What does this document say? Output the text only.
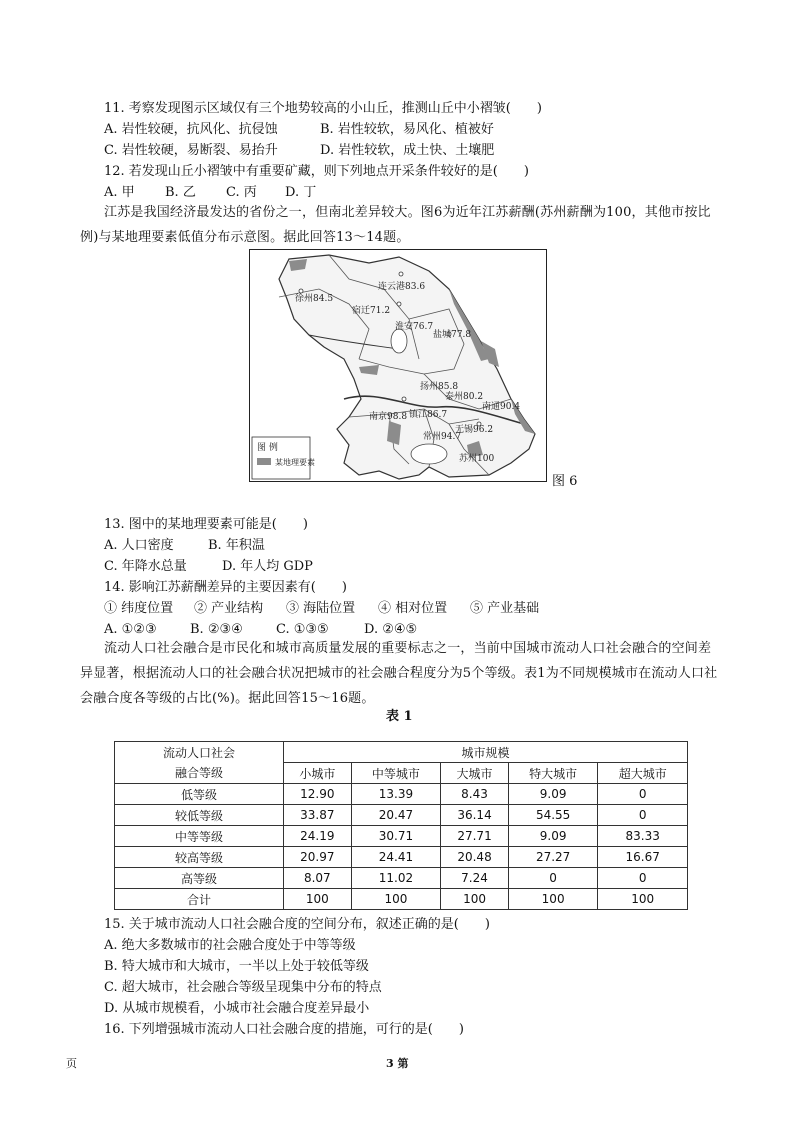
11. 考察发现图示区域仅有三个地势较高的小山丘，推测山丘中小褶皱(　　)
A. 岩性较硬，抗风化、抗侵蚀	B. 岩性较软，易风化、植被好
C. 岩性较硬，易断裂、易抬升	D. 岩性较软，成土快、土壤肥
12. 若发现山丘小褶皱中有重要矿藏，则下列地点开采条件较好的是(　　)
A. 甲 B. 乙 C. 丙 D. 丁
江苏是我国经济最发达的省份之一，但南北差异较大。图6为近年江苏薪酬(苏州薪酬为100，其他市按比例)与某地理要素低值分布示意图。据此回答13～14题。
连云港83.6
徐州84.5
宿迁71.2
淮安76.7
盐城77.8
扬州85.8
泰州80.2
南通90.4
南京98.8 镇江86.7
常州94.7
无锡96.2
苏州100
图 例
某地理要素
图 6
13. 图中的某地理要素可能是(　　)
A. 人口密度	B. 年积温
C. 年降水总量	D. 年人均 GDP
14. 影响江苏薪酬差异的主要因素有(　　)
① 纬度位置 ② 产业结构 ③ 海陆位置 ④ 相对位置 ⑤ 产业基础
A. ①②③	B. ②③④	C. ①③⑤	D. ②④⑤
流动人口社会融合是市民化和城市高质量发展的重要标志之一，当前中国城市流动人口社会融合的空间差异显著，根据流动人口的社会融合状况把城市的社会融合程度分为5个等级。表1为不同规模城市在流动人口社会融合度各等级的占比(%)。据此回答15～16题。
表 1
流动人口社会	城市规模				
融合等级	小城市	中等城市	大城市	特大城市	超大城市
低等级	12.90	13.39	8.43	9.09	0
较低等级	33.87	20.47	36.14	54.55	0
中等等级	24.19	30.71	27.71	9.09	83.33
较高等级	20.97	24.41	20.48	27.27	16.67
高等级	8.07	11.02	7.24	0	0
合计	100	100	100	100	100
15. 关于城市流动人口社会融合度的空间分布，叙述正确的是(　　)
A. 绝大多数城市的社会融合度处于中等等级
B. 特大城市和大城市，一半以上处于较低等级
C. 超大城市，社会融合等级呈现集中分布的特点
D. 从城市规模看，小城市社会融合度差异最小
16. 下列增强城市流动人口社会融合度的措施，可行的是(　　)
页	3 第
